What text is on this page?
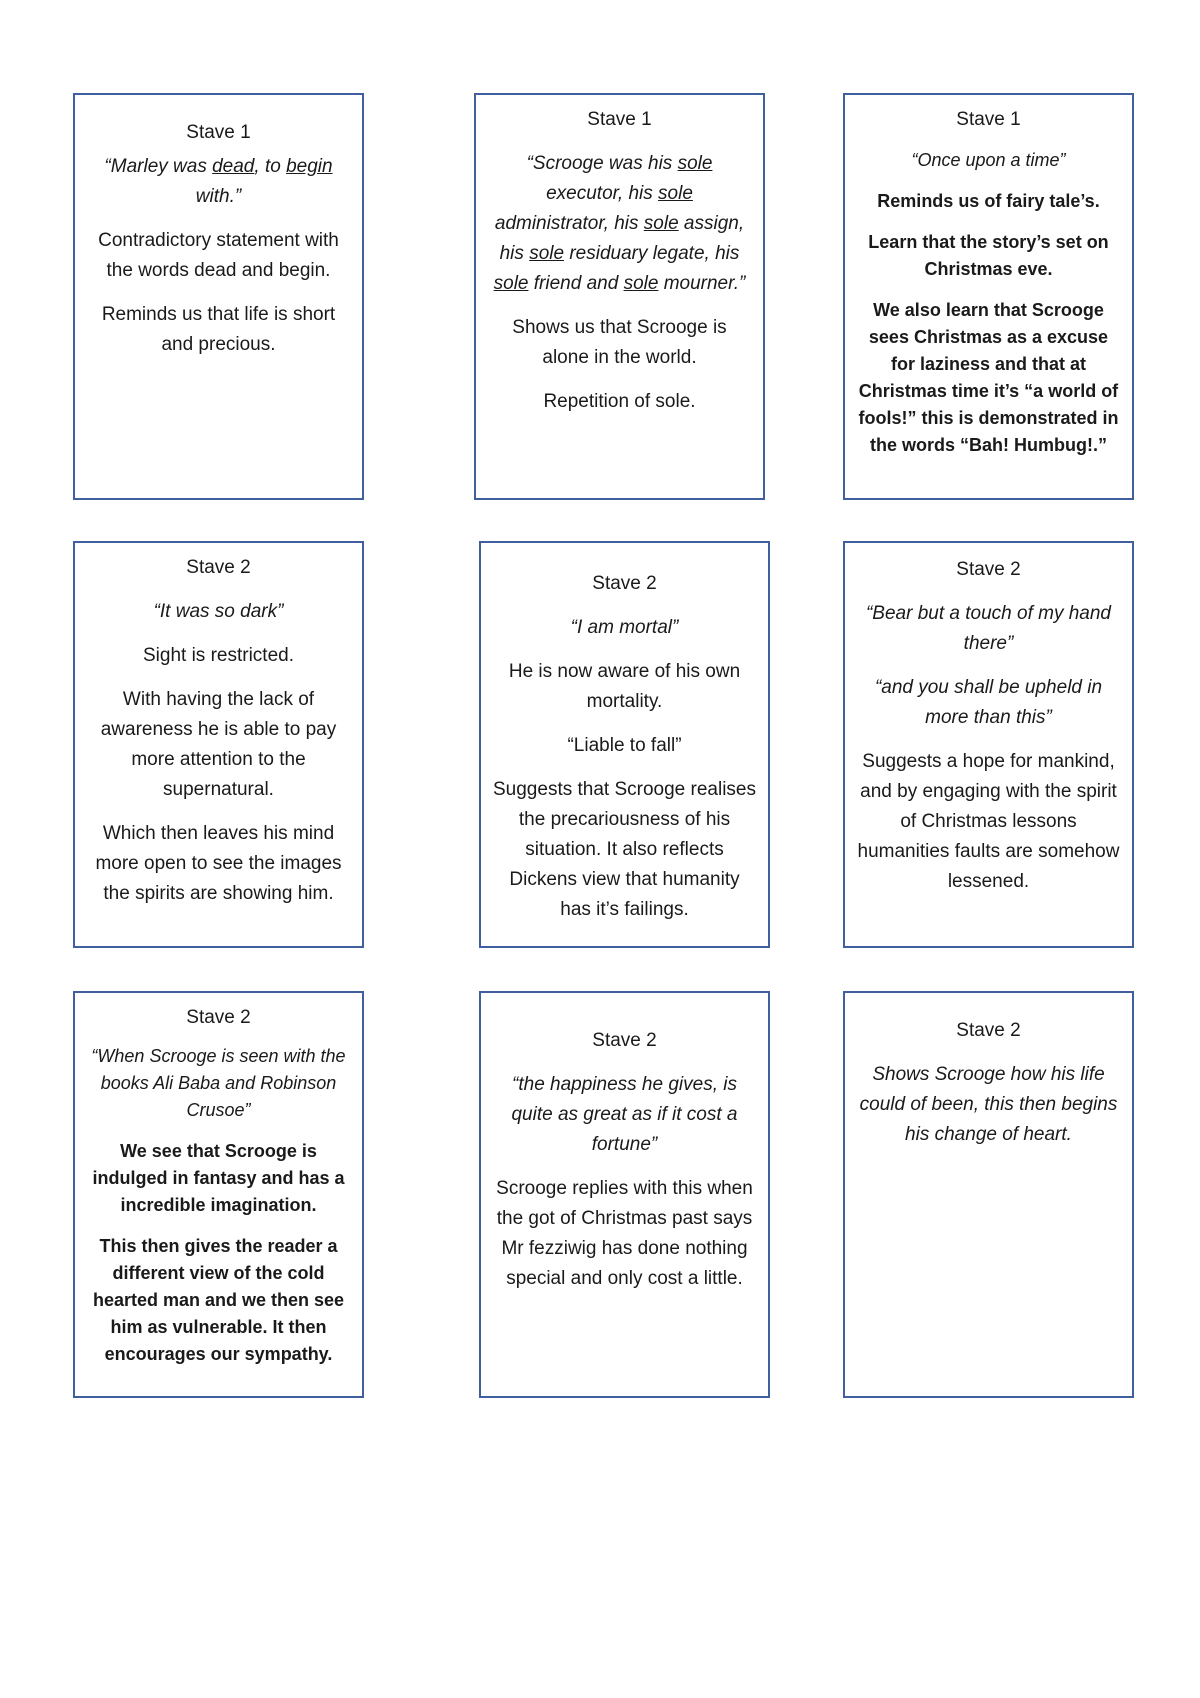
Stave 1

“Marley was dead, to begin with.”

Contradictory statement with the words dead and begin.

Reminds us that life is short and precious.

Stave 1

“Scrooge was his sole executor, his sole administrator, his sole assign, his sole residuary legate, his sole friend and sole mourner.”

Shows us that Scrooge is alone in the world.

Repetition of sole.

Stave 1

“Once upon a time”

Reminds us of fairy tale’s.

Learn that the story’s set on Christmas eve.

We also learn that Scrooge sees Christmas as a excuse for laziness and that at Christmas time it’s “a world of fools!” this is demonstrated in the words “Bah! Humbug!.”

Stave 2

“It was so dark”

Sight is restricted.

With having the lack of awareness he is able to pay more attention to the supernatural.

Which then leaves his mind more open to see the images the spirits are showing him.

Stave 2

“I am mortal”

He is now aware of his own mortality.

“Liable to fall”

Suggests that Scrooge realises the precariousness of his situation. It also reflects Dickens view that humanity has it’s failings.

Stave 2

“Bear but a touch of my hand there”

“and you shall be upheld in more than this”

Suggests a hope for mankind, and by engaging with the spirit of Christmas lessons humanities faults are somehow lessened.

Stave 2

“When Scrooge is seen with the books Ali Baba and Robinson Crusoe”

We see that Scrooge is indulged in fantasy and has a incredible imagination.

This then gives the reader a different view of the cold hearted man and we then see him as vulnerable. It then encourages our sympathy.

Stave 2

“the happiness he gives, is quite as great as if it cost a fortune”

Scrooge replies with this when the got of Christmas past says Mr fezziwig has done nothing special and only cost a little.

Stave 2

Shows Scrooge how his life could of been, this then begins his change of heart.
